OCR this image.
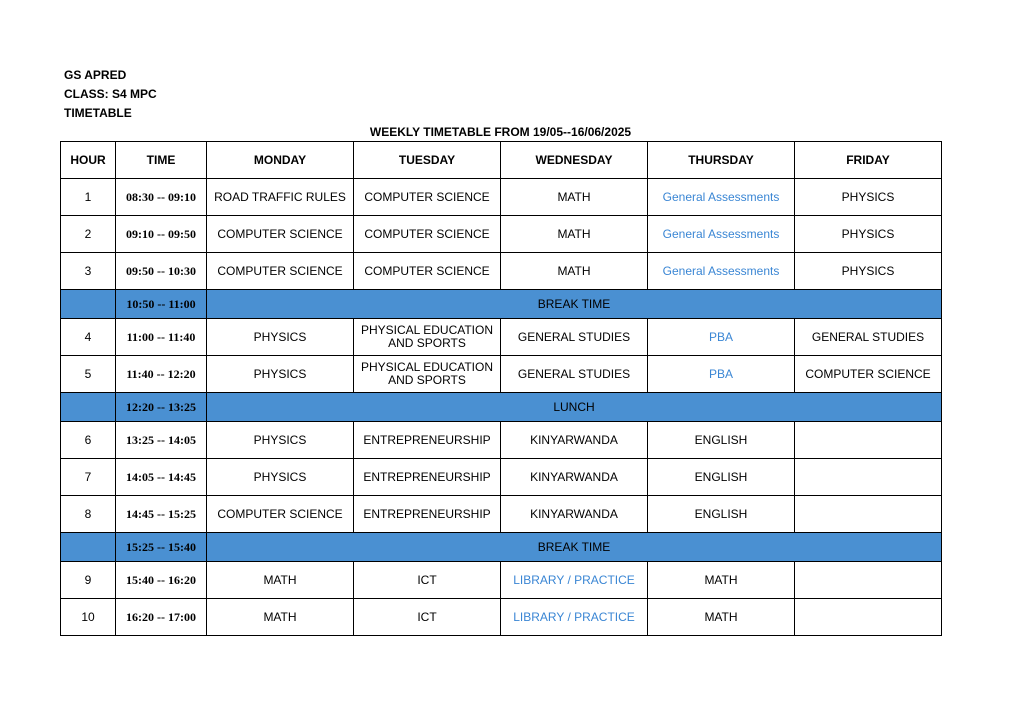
GS APRED
CLASS: S4 MPC
TIMETABLE
WEEKLY TIMETABLE FROM 19/05--16/06/2025
HOUR	TIME	MONDAY	TUESDAY	WEDNESDAY	THURSDAY	FRIDAY
1	08:30 -- 09:10	ROAD TRAFFIC RULES	COMPUTER SCIENCE	MATH	General Assessments	PHYSICS
2	09:10 -- 09:50	COMPUTER SCIENCE	COMPUTER SCIENCE	MATH	General Assessments	PHYSICS
3	09:50 -- 10:30	COMPUTER SCIENCE	COMPUTER SCIENCE	MATH	General Assessments	PHYSICS
	10:50 -- 11:00	BREAK TIME				
4	11:00 -- 11:40	PHYSICS	PHYSICAL EDUCATION AND SPORTS	GENERAL STUDIES	PBA	GENERAL STUDIES
5	11:40 -- 12:20	PHYSICS	PHYSICAL EDUCATION AND SPORTS	GENERAL STUDIES	PBA	COMPUTER SCIENCE
	12:20 -- 13:25	LUNCH				
6	13:25 -- 14:05	PHYSICS	ENTREPRENEURSHIP	KINYARWANDA	ENGLISH	
7	14:05 -- 14:45	PHYSICS	ENTREPRENEURSHIP	KINYARWANDA	ENGLISH	
8	14:45 -- 15:25	COMPUTER SCIENCE	ENTREPRENEURSHIP	KINYARWANDA	ENGLISH	
	15:25 -- 15:40	BREAK TIME				
9	15:40 -- 16:20	MATH	ICT	LIBRARY / PRACTICE	MATH	
10	16:20 -- 17:00	MATH	ICT	LIBRARY / PRACTICE	MATH	
